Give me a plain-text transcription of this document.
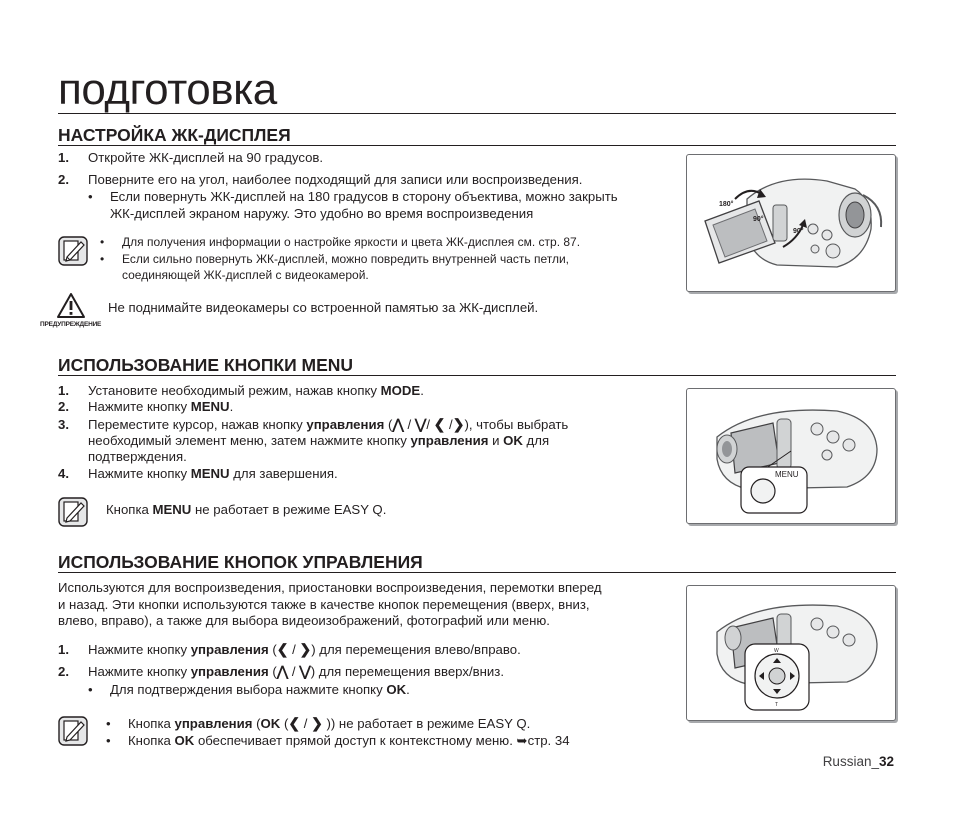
подготовка
НАСТРОЙКА ЖК-ДИСПЛЕЯ
1. Откройте ЖК-дисплей на 90 градусов.
2. Поверните его на угол, наиболее подходящий для записи или воспроизведения.
• Если повернуть ЖК-дисплей на 180 градусов в сторону объектива, можно закрыть
ЖК-дисплей экраном наружу. Это удобно во время воспроизведения
• Для получения информации о настройке яркости и цвета ЖК-дисплея см. стр. 87.
• Если сильно повернуть ЖК-дисплей, можно повредить внутренней часть петли,
соединяющей ЖК-дисплей с видеокамерой.
ПРЕДУПРЕЖДЕНИЕ
Не поднимайте видеокамеры со встроенной памятью за ЖК-дисплей.
180°
90°
90°
ИСПОЛЬЗОВАНИЕ КНОПКИ MENU
1. Установите необходимый режим, нажав кнопку MODE.
2. Нажмите кнопку MENU.
3. Переместите курсор, нажав кнопку управления (⋀ / ⋁/ ❮ /❯), чтобы выбрать
необходимый элемент меню, затем нажмите кнопку управления и OK для
подтверждения.
4. Нажмите кнопку MENU для завершения.
Кнопка MENU не работает в режиме EASY Q.
MENU
ИСПОЛЬЗОВАНИЕ КНОПОК УПРАВЛЕНИЯ
Используются для воспроизведения, приостановки воспроизведения, перемотки вперед
и назад. Эти кнопки используются также в качестве кнопок перемещения (вверх, вниз,
влево, вправо), а также для выбора видеоизображений, фотографий или меню.
1. Нажмите кнопку управления (❮ / ❯) для перемещения влево/вправо.
2. Нажмите кнопку управления (⋀ / ⋁) для перемещения вверх/вниз.
• Для подтверждения выбора нажмите кнопку OK.
• Кнопка управления (OK (❮ / ❯ )) не работает в режиме EASY Q.
• Кнопка OK обеспечивает прямой доступ к контекстному меню. ➥стр. 34
W
T
Russian_32
